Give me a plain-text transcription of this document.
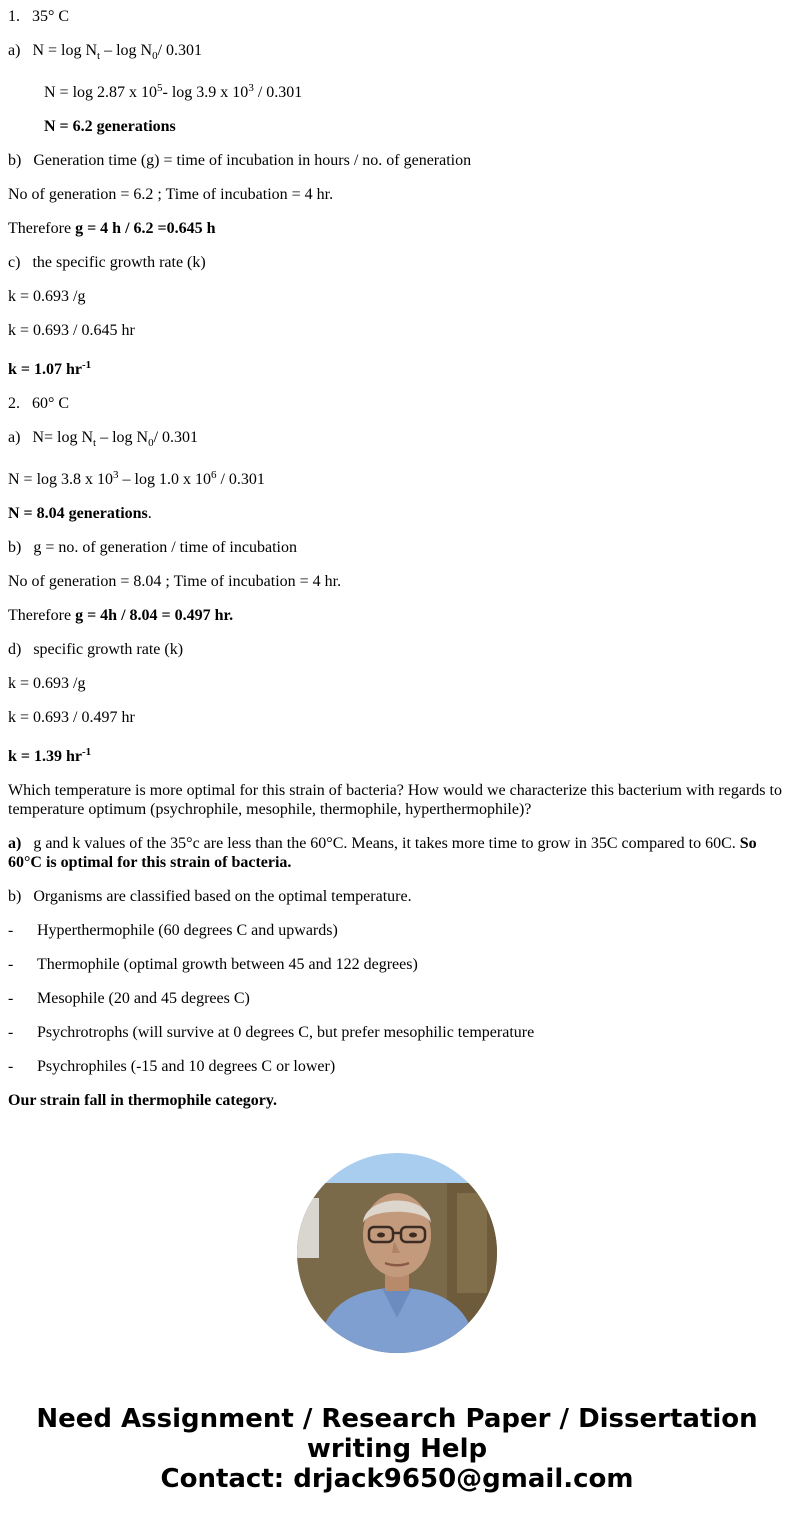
1. 35° C

a) $N = \log N_t - \log N_0/$ 0.301

N = log 2.87 x $10^5-$ log 3.9 x $10^3 / 0.301$

N = 6.2 generations

b) Generation time (g) = time of incubation in hours / no. of generation

No of generation = 6.2 ; Time of incubation = 4 hr.

Therefore g = 4 h / 6.2 =0.645 h

c) the specific growth rate (k)

k = 0.693 /g

k = 0.693 / 0.645 hr

k = 1.07 $hr^{-1}$

2. 60° C

a) $N= \log N_t - \log N_0/$ 0.301

N = log 3.8 x $10^3$ – log 1.0 x $10^6 / 0.301$

N = 8.04 generations.

b) g = no. of generation / time of incubation

No of generation = 8.04 ; Time of incubation = 4 hr.

Therefore g = 4h / 8.04 = 0.497 hr.

d) specific growth rate (k)

k = 0.693 /g

k = 0.693 / 0.497 hr

k = 1.39 $hr^{-1}$

Which temperature is more optimal for this strain of bacteria? How would we characterize this bacterium with regards to temperature optimum (psychrophile, mesophile, thermophile, hyperthermophile)?

a) g and k values of the 35°c are less than the 60°C. Means, it takes more time to grow in 35C compared to 60C. So 60°C is optimal for this strain of bacteria.

b) Organisms are classified based on the optimal temperature.

- Hyperthermophile (60 degrees C and upwards)

- Thermophile (optimal growth between 45 and 122 degrees)

- Mesophile (20 and 45 degrees C)

- Psychrotrophs (will survive at 0 degrees C, but prefer mesophilic temperature

- Psychrophiles (-15 and 10 degrees C or lower)

Our strain fall in thermophile category.

Need Assignment / Research Paper / Dissertation
writing Help
Contact: drjack9650@gmail.com
